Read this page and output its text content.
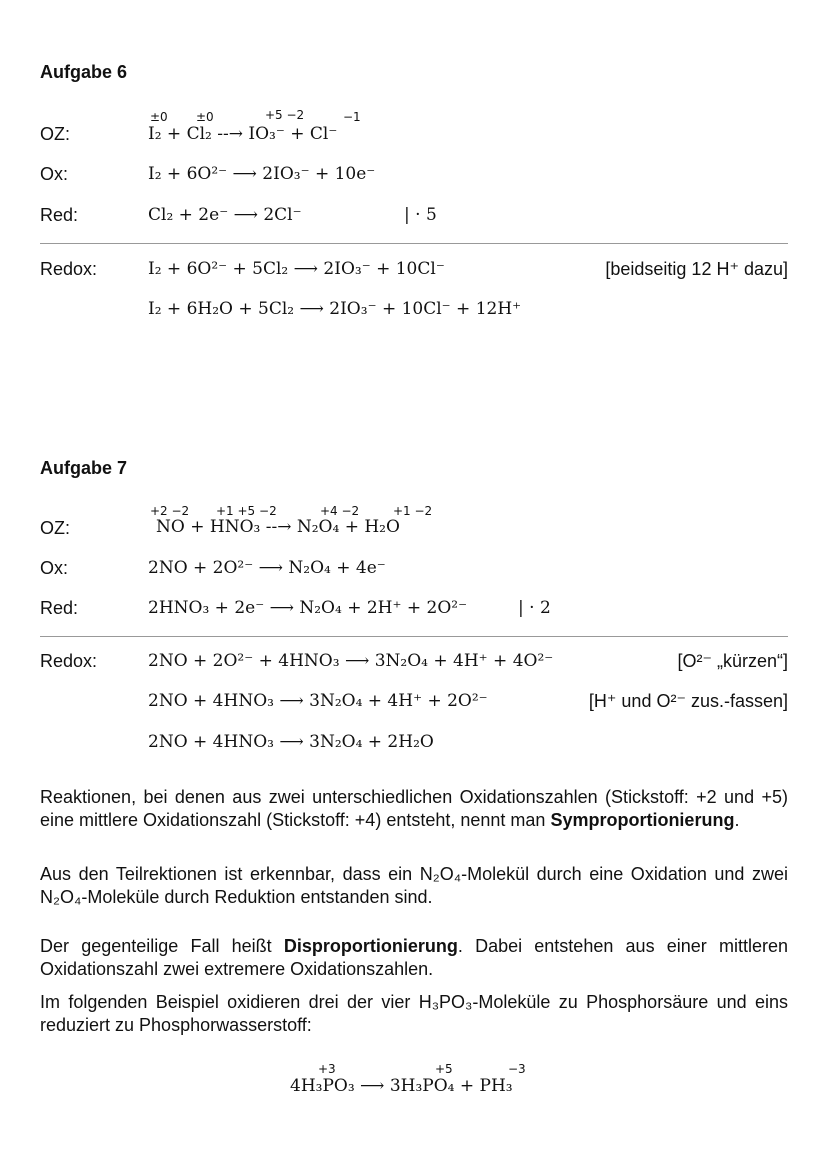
Aufgabe 6
±0 ±0	+5 −2	−1
OZ:	I₂ + Cl₂ --→ IO₃⁻ + Cl⁻
Ox:	I₂ + 6O²⁻ ⟶ 2IO₃⁻ + 10e⁻
Red:	Cl₂ + 2e⁻ ⟶ 2Cl⁻	| · 5
Redox:	I₂ + 6O²⁻ + 5Cl₂ ⟶ 2IO₃⁻ + 10Cl⁻	[beidseitig 12 H⁺ dazu]
I₂ + 6H₂O + 5Cl₂ ⟶ 2IO₃⁻ + 10Cl⁻ + 12H⁺
Aufgabe 7
+2 −2 +1 +5 −2	+4 −2	+1 −2
OZ:	NO + HNO₃ --→ N₂O₄ + H₂O
Ox:	2NO + 2O²⁻ ⟶ N₂O₄ + 4e⁻
Red:	2HNO₃ + 2e⁻ ⟶ N₂O₄ + 2H⁺ + 2O²⁻	| · 2
Redox:	2NO + 2O²⁻ + 4HNO₃ ⟶ 3N₂O₄ + 4H⁺ + 4O²⁻	[O²⁻ „kürzen“]
2NO + 4HNO₃ ⟶ 3N₂O₄ + 4H⁺ + 2O²⁻	[H⁺ und O²⁻ zus.-fassen]
2NO + 4HNO₃ ⟶ 3N₂O₄ + 2H₂O
Reaktionen, bei denen aus zwei unterschiedlichen Oxidationszahlen (Stickstoff: +2 und +5) eine mittlere Oxidationszahl (Stickstoff: +4) entsteht, nennt man Symproportionierung.
Aus den Teilrektionen ist erkennbar, dass ein N₂O₄-Molekül durch eine Oxidation und zwei N₂O₄-Moleküle durch Reduktion entstanden sind.
Der gegenteilige Fall heißt Disproportionierung. Dabei entstehen aus einer mittleren Oxidationszahl zwei extremere Oxidationszahlen.
Im folgenden Beispiel oxidieren drei der vier H₃PO₃-Moleküle zu Phosphorsäure und eins reduziert zu Phosphorwasserstoff:
+3	+5	−3
4H₃PO₃ ⟶ 3H₃PO₄ + PH₃
